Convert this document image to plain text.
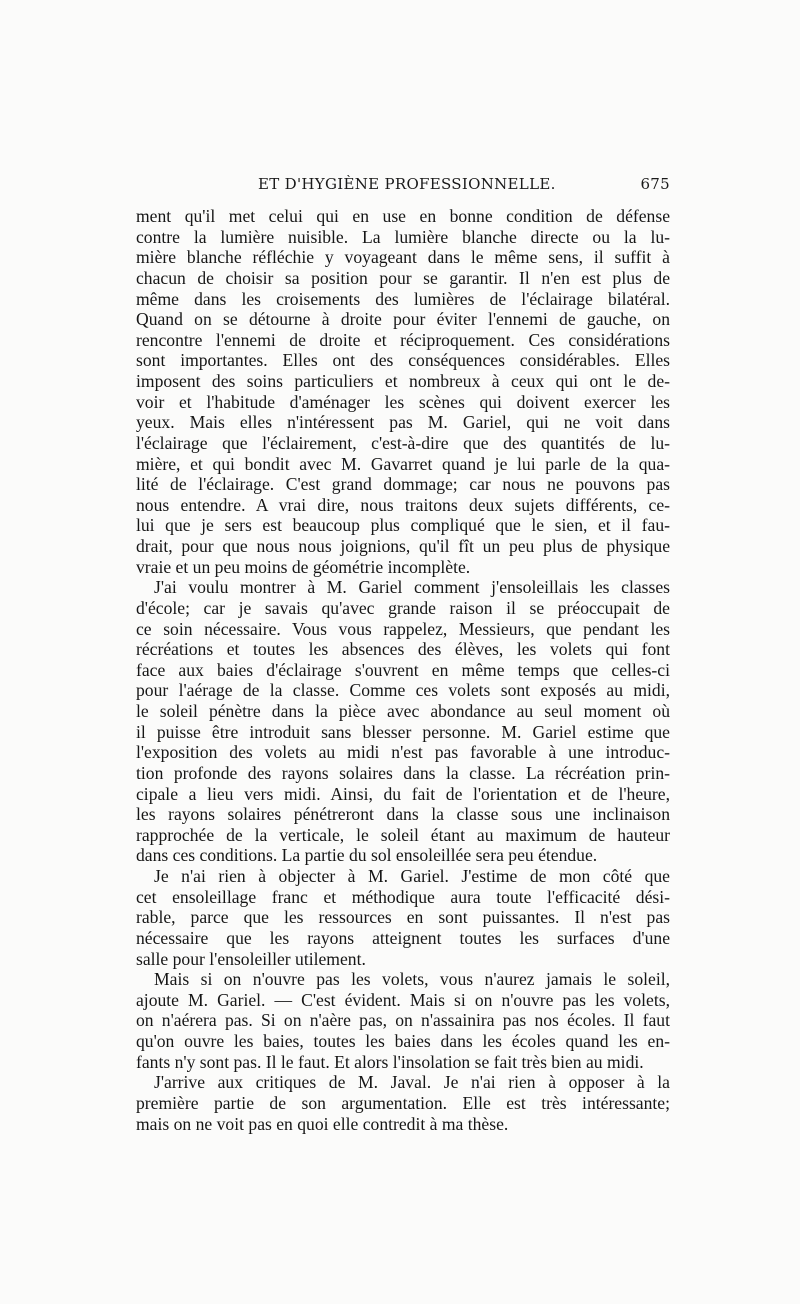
ET D'HYGIÈNE PROFESSIONNELLE.	675
ment qu'il met celui qui en use en bonne condition de défense
contre la lumière nuisible. La lumière blanche directe ou la lu-
mière blanche réfléchie y voyageant dans le même sens, il suffit à
chacun de choisir sa position pour se garantir. Il n'en est plus de
même dans les croisements des lumières de l'éclairage bilatéral.
Quand on se détourne à droite pour éviter l'ennemi de gauche, on
rencontre l'ennemi de droite et réciproquement. Ces considérations
sont importantes. Elles ont des conséquences considérables. Elles
imposent des soins particuliers et nombreux à ceux qui ont le de-
voir et l'habitude d'aménager les scènes qui doivent exercer les
yeux. Mais elles n'intéressent pas M. Gariel, qui ne voit dans
l'éclairage que l'éclairement, c'est-à-dire que des quantités de lu-
mière, et qui bondit avec M. Gavarret quand je lui parle de la qua-
lité de l'éclairage. C'est grand dommage; car nous ne pouvons pas
nous entendre. A vrai dire, nous traitons deux sujets différents, ce-
lui que je sers est beaucoup plus compliqué que le sien, et il fau-
drait, pour que nous nous joignions, qu'il fît un peu plus de physique
vraie et un peu moins de géométrie incomplète.
J'ai voulu montrer à M. Gariel comment j'ensoleillais les classes
d'école; car je savais qu'avec grande raison il se préoccupait de
ce soin nécessaire. Vous vous rappelez, Messieurs, que pendant les
récréations et toutes les absences des élèves, les volets qui font
face aux baies d'éclairage s'ouvrent en même temps que celles-ci
pour l'aérage de la classe. Comme ces volets sont exposés au midi,
le soleil pénètre dans la pièce avec abondance au seul moment où
il puisse être introduit sans blesser personne. M. Gariel estime que
l'exposition des volets au midi n'est pas favorable à une introduc-
tion profonde des rayons solaires dans la classe. La récréation prin-
cipale a lieu vers midi. Ainsi, du fait de l'orientation et de l'heure,
les rayons solaires pénétreront dans la classe sous une inclinaison
rapprochée de la verticale, le soleil étant au maximum de hauteur
dans ces conditions. La partie du sol ensoleillée sera peu étendue.
Je n'ai rien à objecter à M. Gariel. J'estime de mon côté que
cet ensoleillage franc et méthodique aura toute l'efficacité dési-
rable, parce que les ressources en sont puissantes. Il n'est pas
nécessaire que les rayons atteignent toutes les surfaces d'une
salle pour l'ensoleiller utilement.
Mais si on n'ouvre pas les volets, vous n'aurez jamais le soleil,
ajoute M. Gariel. — C'est évident. Mais si on n'ouvre pas les volets,
on n'aérera pas. Si on n'aère pas, on n'assainira pas nos écoles. Il faut
qu'on ouvre les baies, toutes les baies dans les écoles quand les en-
fants n'y sont pas. Il le faut. Et alors l'insolation se fait très bien au midi.
J'arrive aux critiques de M. Javal. Je n'ai rien à opposer à la
première partie de son argumentation. Elle est très intéressante;
mais on ne voit pas en quoi elle contredit à ma thèse.
